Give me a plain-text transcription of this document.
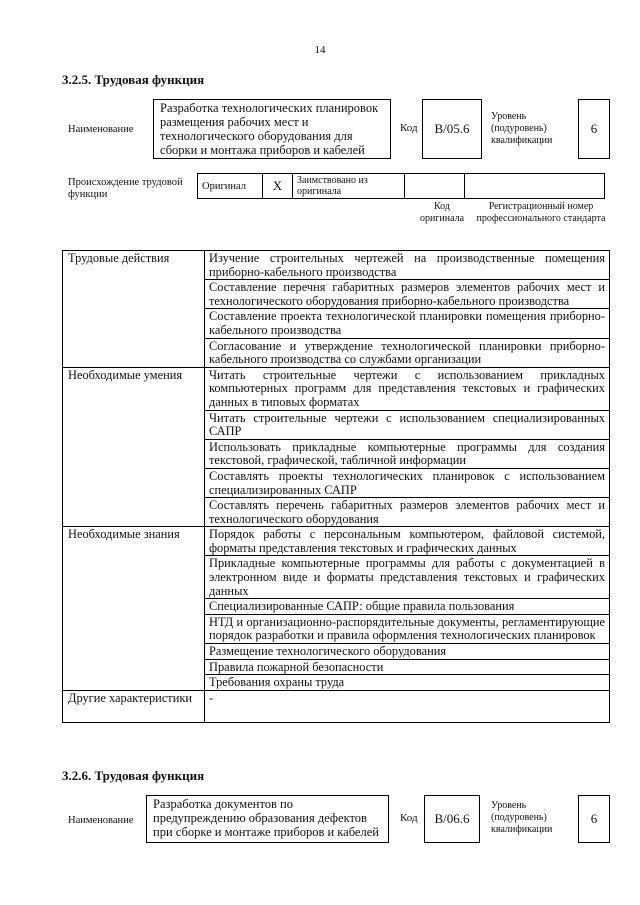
14
3.2.5. Трудовая функция
Наименование
Разработка технологических планировок размещения рабочих мест и технологического оборудования для сборки и монтажа приборов и кабелей
Код	B/05.6
Уровень (подуровень) квалификации
6
Происхождение трудовой функции
Оригинал	X	Заимствовано из оригинала		
Код оригинала
Регистрационный номер профессионального стандарта
Трудовые действия	Изучение строительных чертежей на производственные помещения приборно-кабельного производства
	Составление перечня габаритных размеров элементов рабочих мест и технологического оборудования приборно-кабельного производства
	Составление проекта технологической планировки помещения приборно-кабельного производства
	Согласование и утверждение технологической планировки приборно-кабельного производства со службами организации
Необходимые умения	Читать строительные чертежи с использованием прикладных компьютерных программ для представления текстовых и графических данных в типовых форматах
	Читать строительные чертежи с использованием специализированных САПР
	Использовать прикладные компьютерные программы для создания текстовой, графической, табличной информации
	Составлять проекты технологических планировок с использованием специализированных САПР
	Составлять перечень габаритных размеров элементов рабочих мест и технологического оборудования
Необходимые знания	Порядок работы с персональным компьютером, файловой системой, форматы представления текстовых и графических данных
	Прикладные компьютерные программы для работы с документацией в электронном виде и форматы представления текстовых и графических данных
	Специализированные САПР: общие правила пользования
	НТД и организационно-распорядительные документы, регламентирующие порядок разработки и правила оформления технологических планировок
	Размещение технологического оборудования
	Правила пожарной безопасности
	Требования охраны труда
Другие характеристики	-
3.2.6. Трудовая функция
Наименование
Разработка документов по предупреждению образования дефектов при сборке и монтаже приборов и кабелей
Код	B/06.6
Уровень (подуровень) квалификации
6
